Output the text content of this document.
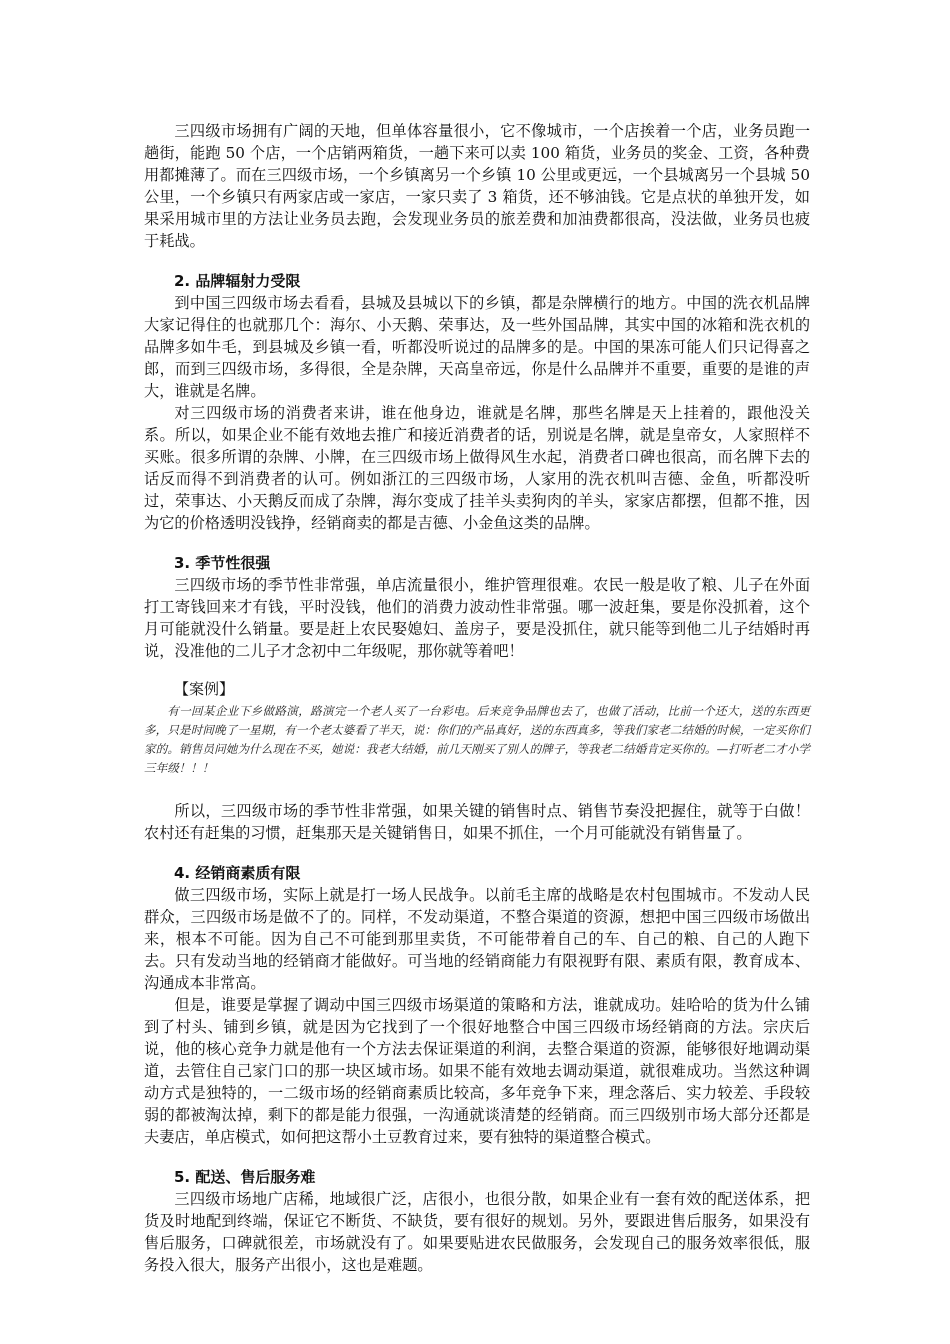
三四级市场拥有广阔的天地，但单体容量很小，它不像城市，一个店挨着一个店，业务员跑一趟街，能跑 50 个店，一个店销两箱货，一趟下来可以卖 100 箱货，业务员的奖金、工资，各种费用都摊薄了。而在三四级市场，一个乡镇离另一个乡镇 10 公里或更远，一个县城离另一个县城 50 公里，一个乡镇只有两家店或一家店，一家只卖了 3 箱货，还不够油钱。它是点状的单独开发，如果采用城市里的方法让业务员去跑，会发现业务员的旅差费和加油费都很高，没法做，业务员也疲于耗战。

2. 品牌辐射力受限

到中国三四级市场去看看，县城及县城以下的乡镇，都是杂牌横行的地方。中国的洗衣机品牌大家记得住的也就那几个：海尔、小天鹅、荣事达，及一些外国品牌，其实中国的冰箱和洗衣机的品牌多如牛毛，到县城及乡镇一看，听都没听说过的品牌多的是。中国的果冻可能人们只记得喜之郎，而到三四级市场，多得很，全是杂牌，天高皇帝远，你是什么品牌并不重要，重要的是谁的声大，谁就是名牌。

对三四级市场的消费者来讲，谁在他身边，谁就是名牌，那些名牌是天上挂着的，跟他没关系。所以，如果企业不能有效地去推广和接近消费者的话，别说是名牌，就是皇帝女，人家照样不买账。很多所谓的杂牌、小牌，在三四级市场上做得风生水起，消费者口碑也很高，而名牌下去的话反而得不到消费者的认可。例如浙江的三四级市场，人家用的洗衣机叫吉德、金鱼，听都没听过，荣事达、小天鹅反而成了杂牌，海尔变成了挂羊头卖狗肉的羊头，家家店都摆，但都不推，因为它的价格透明没钱挣，经销商卖的都是吉德、小金鱼这类的品牌。

3. 季节性很强

三四级市场的季节性非常强，单店流量很小，维护管理很难。农民一般是收了粮、儿子在外面打工寄钱回来才有钱，平时没钱，他们的消费力波动性非常强。哪一波赶集，要是你没抓着，这个月可能就没什么销量。要是赶上农民娶媳妇、盖房子，要是没抓住，就只能等到他二儿子结婚时再说，没准他的二儿子才念初中二年级呢，那你就等着吧！

【案例】

有一回某企业下乡做路演，路演完一个老人买了一台彩电。后来竞争品牌也去了，也做了活动，比前一个还大，送的东西更多，只是时间晚了一星期，有一个老太婆看了半天，说：你们的产品真好，送的东西真多，等我们家老二结婚的时候，一定买你们家的。销售员问她为什么现在不买，她说：我老大结婚，前几天刚买了别人的牌子，等我老二结婚肯定买你的。—打听老二才小学三年级！！！

所以，三四级市场的季节性非常强，如果关键的销售时点、销售节奏没把握住，就等于白做！农村还有赶集的习惯，赶集那天是关键销售日，如果不抓住，一个月可能就没有销售量了。

4. 经销商素质有限

做三四级市场，实际上就是打一场人民战争。以前毛主席的战略是农村包围城市。不发动人民群众，三四级市场是做不了的。同样，不发动渠道，不整合渠道的资源，想把中国三四级市场做出来，根本不可能。因为自己不可能到那里卖货，不可能带着自己的车、自己的粮、自己的人跑下去。只有发动当地的经销商才能做好。可当地的经销商能力有限视野有限、素质有限，教育成本、沟通成本非常高。

但是，谁要是掌握了调动中国三四级市场渠道的策略和方法，谁就成功。娃哈哈的货为什么铺到了村头、铺到乡镇，就是因为它找到了一个很好地整合中国三四级市场经销商的方法。宗庆后说，他的核心竞争力就是他有一个方法去保证渠道的利润，去整合渠道的资源，能够很好地调动渠道，去管住自己家门口的那一块区域市场。如果不能有效地去调动渠道，就很难成功。当然这种调动方式是独特的，一二级市场的经销商素质比较高，多年竞争下来，理念落后、实力较差、手段较弱的都被淘汰掉，剩下的都是能力很强，一沟通就谈清楚的经销商。而三四级别市场大部分还都是夫妻店，单店模式，如何把这帮小土豆教育过来，要有独特的渠道整合模式。

5. 配送、售后服务难

三四级市场地广店稀，地域很广泛，店很小，也很分散，如果企业有一套有效的配送体系，把货及时地配到终端，保证它不断货、不缺货，要有很好的规划。另外，要跟进售后服务，如果没有售后服务，口碑就很差，市场就没有了。如果要贴进农民做服务，会发现自己的服务效率很低，服务投入很大，服务产出很小，这也是难题。
